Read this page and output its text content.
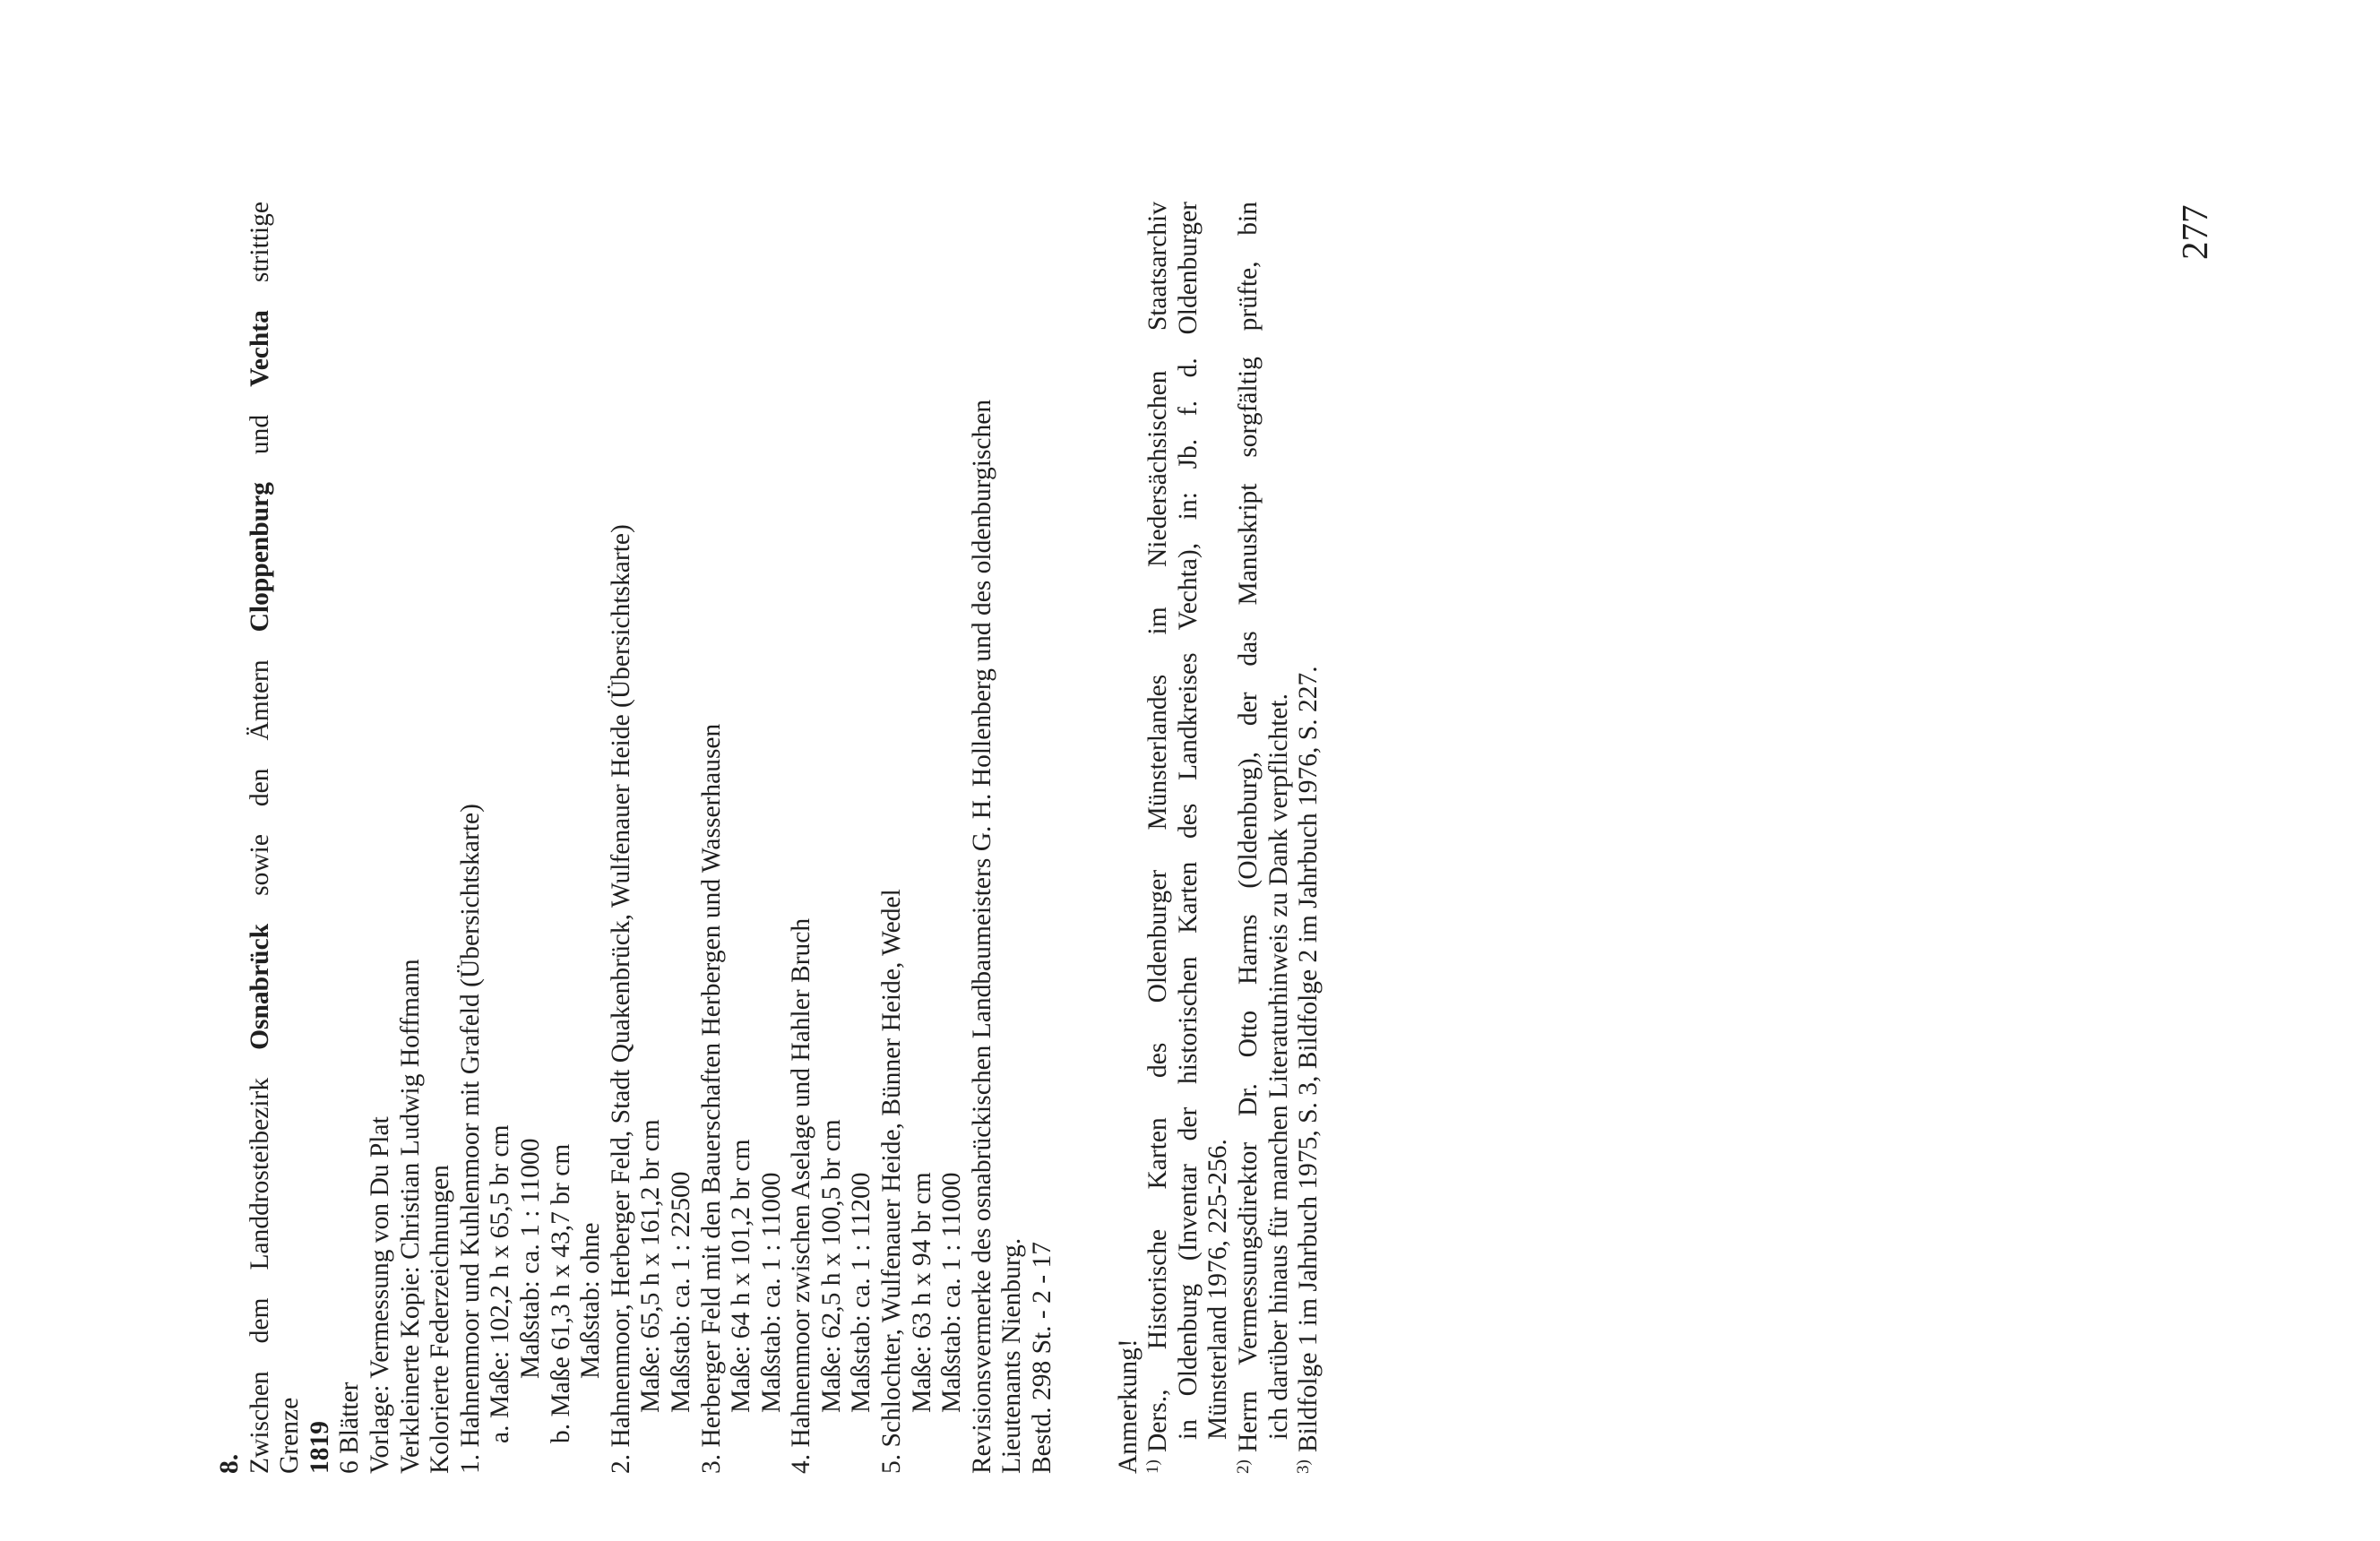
8. Zwischen dem Landdrosteibezirk Osnabrück sowie den Ämtern Cloppenburg und Vechta strittige
Grenze 1819 6 Blätter Vorlage: Vermessung von Du Plat Verkleinerte Kopie: Christian Ludwig Hoffmann Kolorierte Federzeichnungen 1. Hahnenmoor und Kuhlenmoor mit Grafeld (Übersichtskarte) a. Maße: 102,2 h x 65,5 br cm Maßstab: ca. 1 : 11000 b. Maße 61,3 h x 43,7 br cm Maßstab: ohne 2. Hahnenmoor, Herberger Feld, Stadt Quakenbrück, Wulfenauer Heide (Übersichtskarte) Maße: 65,5 h x 161,2 br cm Maßstab: ca. 1 : 22500 3. Herberger Feld mit den Bauerschaften Herbergen und Wasserhausen Maße: 64 h x 101,2 br cm Maßstab: ca. 1 : 11000 4. Hahnenmoor zwischen Aselage und Hahler Bruch Maße: 62,5 h x 100,5 br cm Maßstab: ca. 1 : 11200 5. Schlochter, Wulfenauer Heide, Bünner Heide, Wedel Maße: 63 h x 94 br cm Maßstab: ca. 1 : 11000 Revisionsvermerke des osnabrückischen Landbaumeisters G. H. Hollenberg und des oldenburgischen Lieutenants Nienburg. Bestd. 298 St. - 2 - 17 Anmerkung! 1)
Ders., Historische Karten des Oldenburger Münsterlandes im Niedersächsischen Staatsarchiv in Oldenburg (Inventar der historischen Karten des Landkreises Vechta), in: Jb. f. d. Oldenburger Münsterland 1976, 225-256.
2)
Herrn Vermessungsdirektor Dr. Otto Harms (Oldenburg), der das Manuskript sorgfältig prüfte, bin ich darüber hinaus für manchen Literaturhinweis zu Dank verpflichtet.
3)
Bildfolge 1 im Jahrbuch 1975, S. 3, Bildfolge 2 im Jahrbuch 1976, S. 227.
277
